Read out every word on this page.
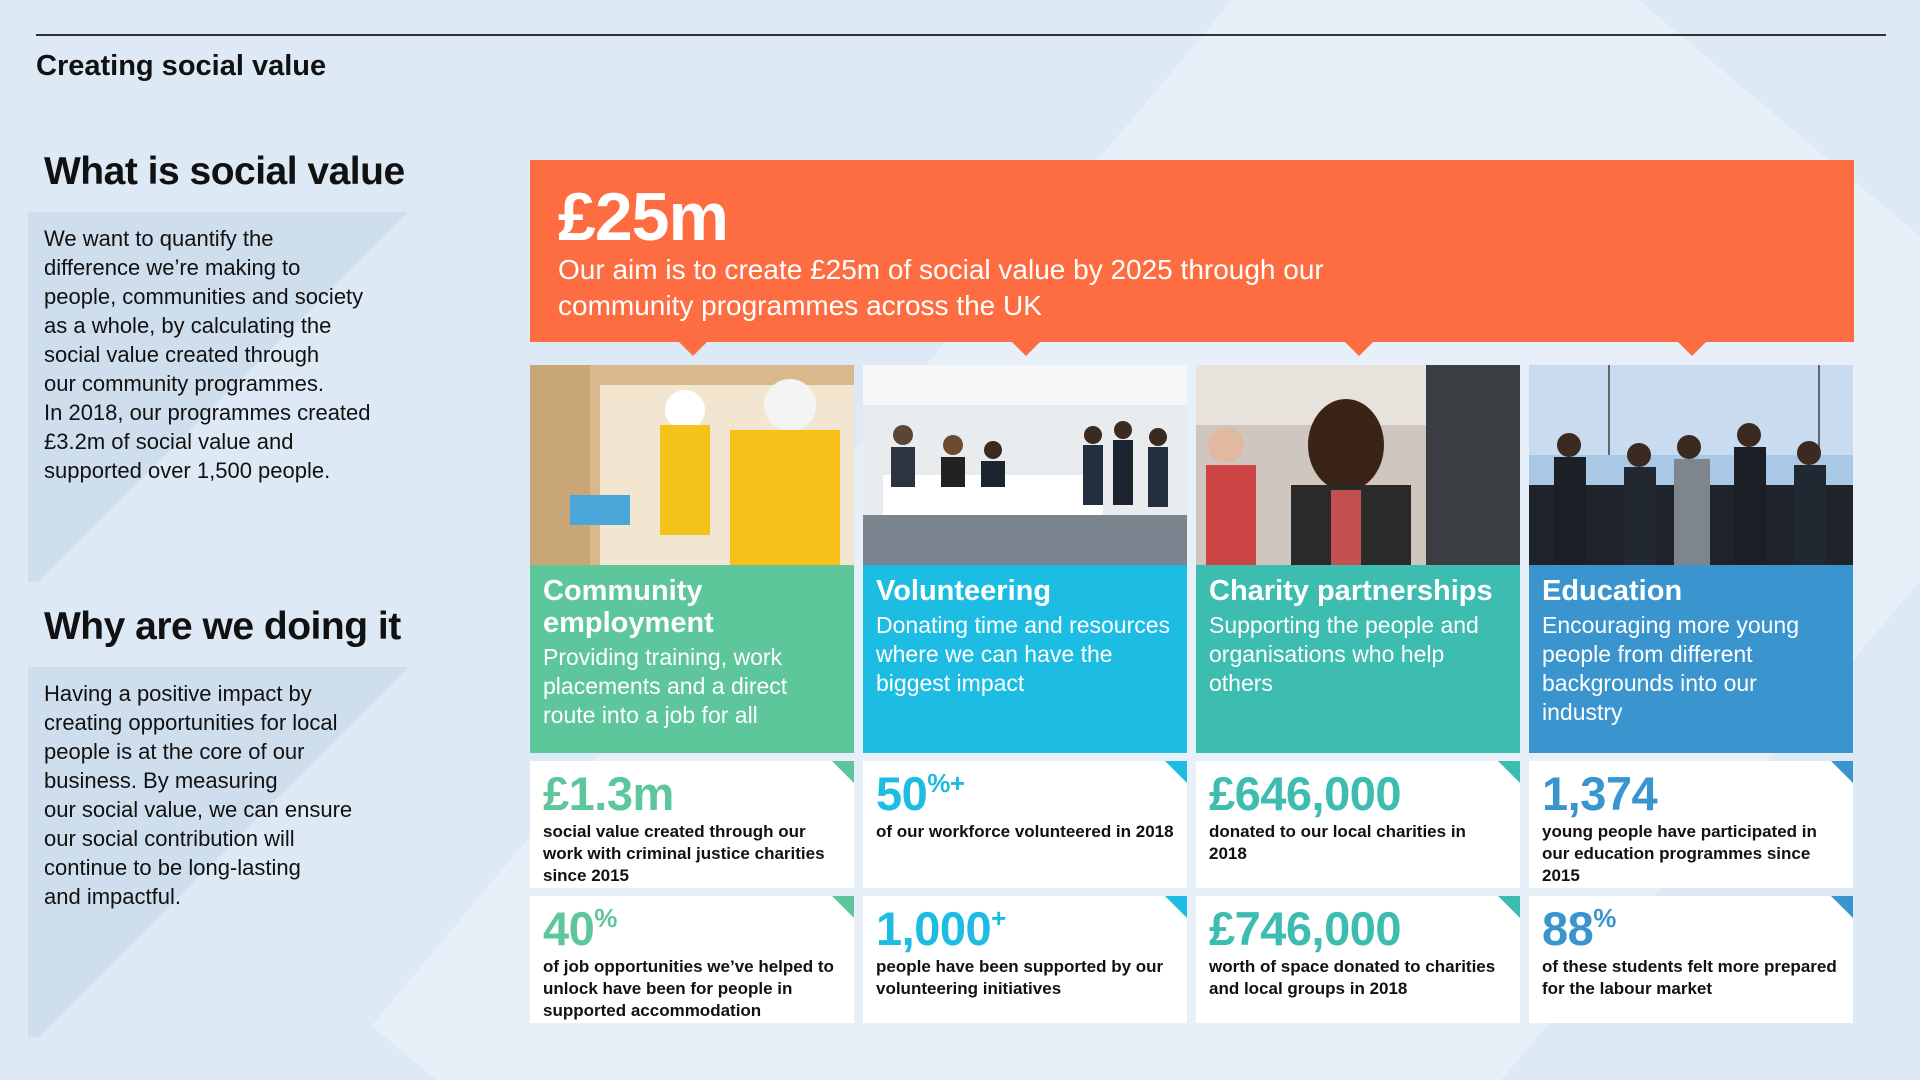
Creating social value
What is social value
We want to quantify the
difference we’re making to
people, communities and society
as a whole, by calculating the
social value created through
our community programmes.
In 2018, our programmes created
£3.2m of social value and
supported over 1,500 people.
Why are we doing it
Having a positive impact by
creating opportunities for local
people is at the core of our
business. By measuring
our social value, we can ensure
our social contribution will
continue to be long-lasting
and impactful.
£25m
Our aim is to create £25m of social value by 2025 through our community programmes across the UK
Community employment
Providing training, work placements and a direct route into a job for all
£1.3m
social value created through our work with criminal justice charities since 2015
40%
of job opportunities we’ve helped to unlock have been for people in supported accommodation
Volunteering
Donating time and resources where we can have the biggest impact
50%+
of our workforce volunteered in 2018
1,000+
people have been supported by our volunteering initiatives
Charity partnerships
Supporting the people and organisations who help others
£646,000
donated to our local charities in 2018
£746,000
worth of space donated to charities and local groups in 2018
Education
Encouraging more young people from different backgrounds into our industry
1,374
young people have participated in our education programmes since 2015
88%
of these students felt more prepared for the labour market
